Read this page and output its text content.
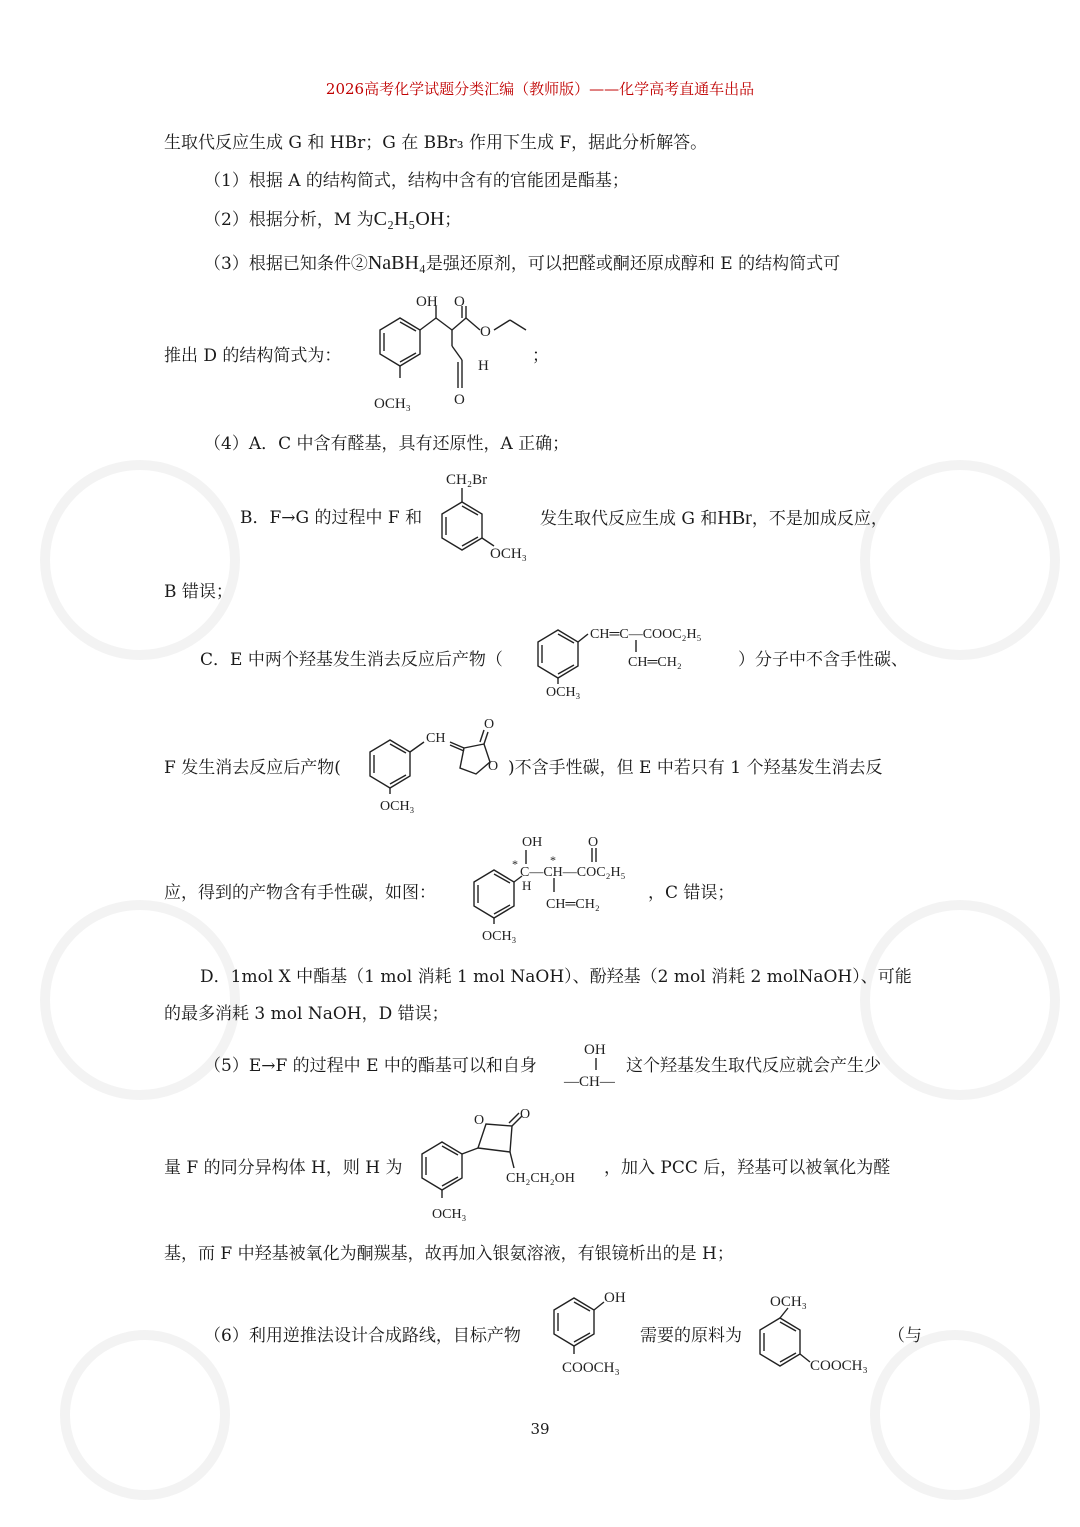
2026高考化学试题分类汇编（教师版）——化学高考直通车出品
生取代反应生成 G 和 HBr；G 在 BBr₃ 作用下生成 F，据此分析解答。
（1）根据 A 的结构简式，结构中含有的官能团是酯基；
（2）根据分析，M 为C₂H₅OH；
（3）根据已知条件②NaBH₄是强还原剂，可以把醛或酮还原成醇和 E 的结构简式可
推出 D 的结构简式为：
OH O
O
H
O
OCH₃
；
（4）A．C 中含有醛基，具有还原性，A 正确；
B．F→G 的过程中 F 和
CH₂Br
OCH₃
发生取代反应生成 G 和HBr，不是加成反应，
B 错误；
C．E 中两个羟基发生消去反应后产物（
CH═C—COOC₂H₅
CH═CH₂
OCH₃
）分子中不含手性碳、
F 发生消去反应后产物(
CH
O
O
OCH₃
)不含手性碳，但 E 中若只有 1 个羟基发生消去反
应，得到的产物含有手性碳，如图：
OH	O
*	*
C—CH—COC₂H₅
H
CH═CH₂
OCH₃
，C 错误；
D．1mol X 中酯基（1 mol 消耗 1 mol NaOH）、酚羟基（2 mol 消耗 2 molNaOH）、可能
的最多消耗 3 mol NaOH，D 错误；
（5）E→F 的过程中 E 中的酯基可以和自身
OH
—CH—
这个羟基发生取代反应就会产生少
量 F 的同分异构体 H，则 H 为
O	O
CH₂CH₂OH
OCH₃
，加入 PCC 后，羟基可以被氧化为醛
基，而 F 中羟基被氧化为酮羰基，故再加入银氨溶液，有银镜析出的是 H；
（6）利用逆推法设计合成路线，目标产物
OH
COOCH₃
需要的原料为
OCH₃
COOCH₃
（与
39
